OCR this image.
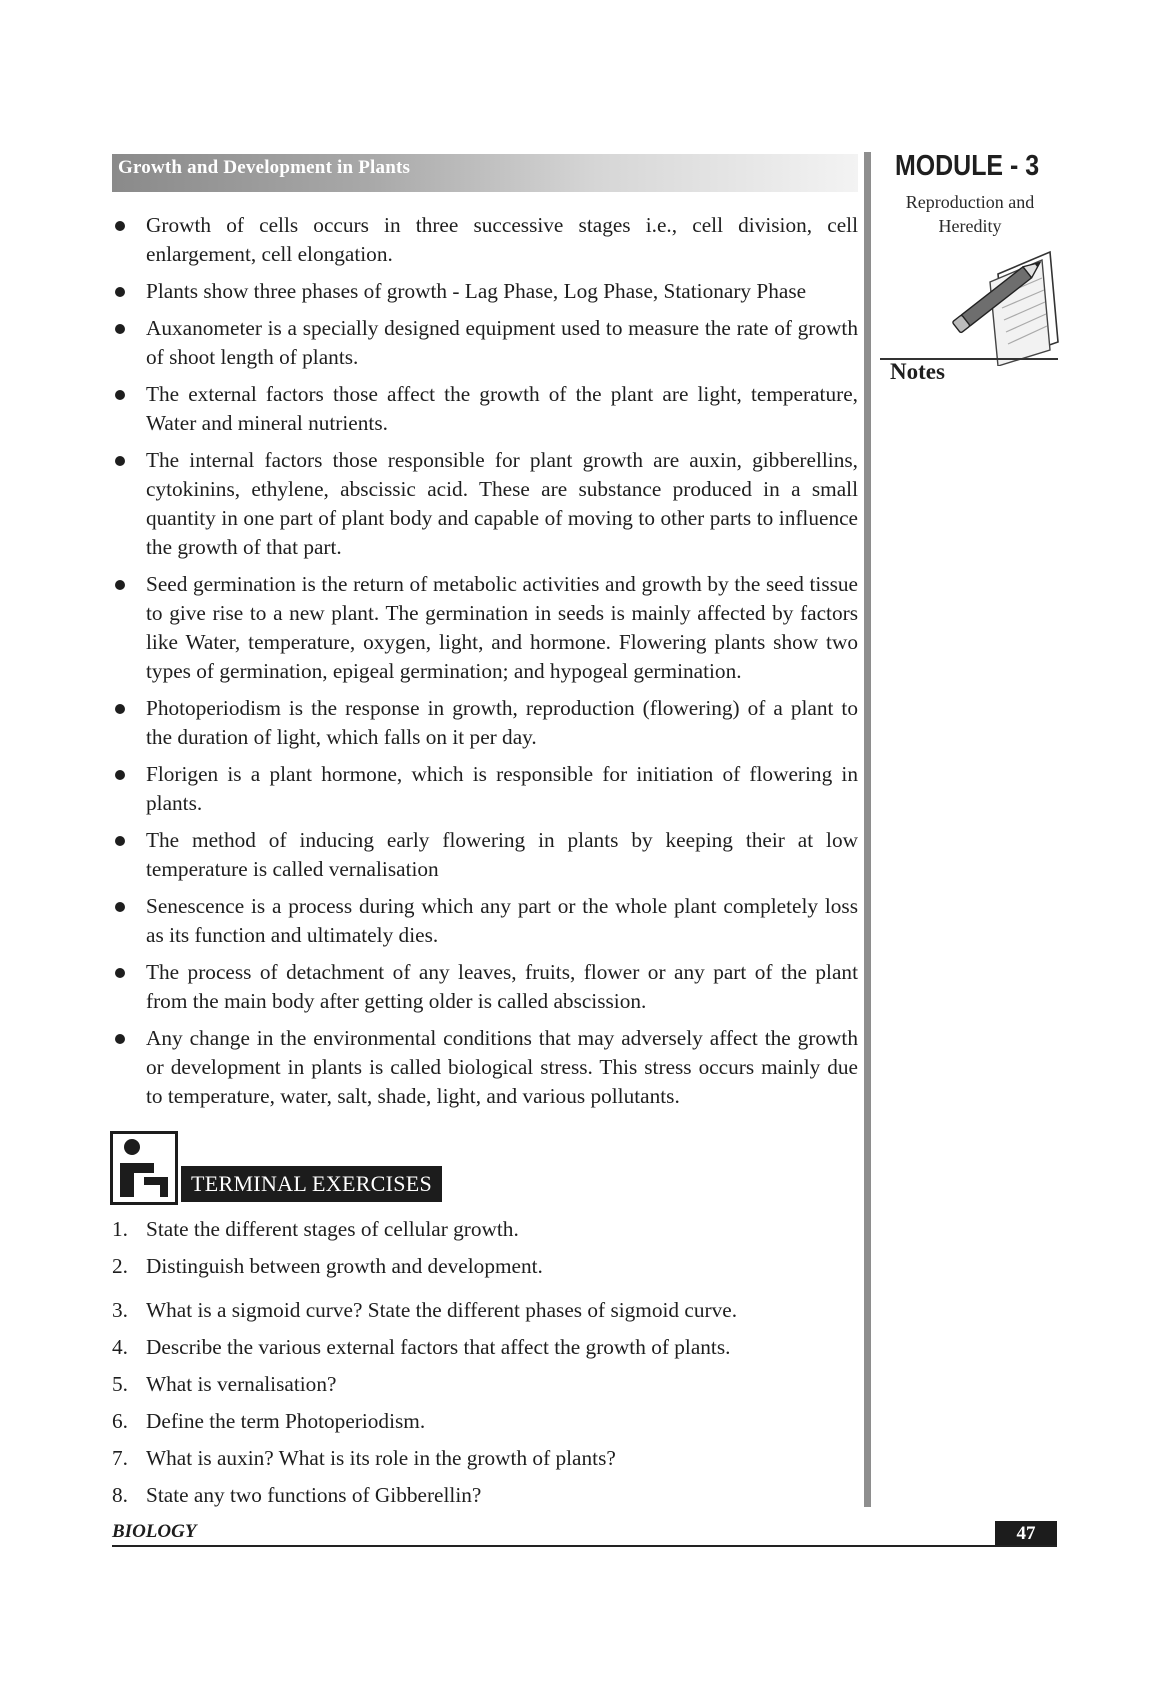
Growth and Development in Plants	MODULE - 3
Reproduction and
Heredity
Notes
Growth of cells occurs in three successive stages i.e., cell division, cell enlargement, cell elongation.
Plants show three phases of growth - Lag Phase, Log Phase, Stationary Phase
Auxanometer is a specially designed equipment used to measure the rate of growth of shoot length of plants.
The external factors those affect the growth of the plant are light, temperature, Water and mineral nutrients.
The internal factors those responsible for plant growth are auxin, gibberellins, cytokinins, ethylene, abscissic acid. These are substance produced in a small quantity in one part of plant body and capable of moving to other parts to influence the growth of that part.
Seed germination is the return of metabolic activities and growth by the seed tissue to give rise to a new plant. The germination in seeds is mainly affected by factors like Water, temperature, oxygen, light, and hormone. Flowering plants show two types of germination, epigeal germination; and hypogeal germination.
Photoperiodism is the response in growth, reproduction (flowering) of a plant to the duration of light, which falls on it per day.
Florigen is a plant hormone, which is responsible for initiation of flowering in plants.
The method of inducing early flowering in plants by keeping their at low temperature is called vernalisation
Senescence is a process during which any part or the whole plant completely loss as its function and ultimately dies.
The process of detachment of any leaves, fruits, flower or any part of the plant from the main body after getting older is called abscission.
Any change in the environmental conditions that may adversely affect the growth or development in plants is called biological stress. This stress occurs mainly due to temperature, water, salt, shade, light, and various pollutants.
TERMINAL EXERCISES
1. State the different stages of cellular growth.
2. Distinguish between growth and development.
3. What is a sigmoid curve? State the different phases of sigmoid curve.
4. Describe the various external factors that affect the growth of plants.
5. What is vernalisation?
6. Define the term Photoperiodism.
7. What is auxin? What is its role in the growth of plants?
8. State any two functions of Gibberellin?
BIOLOGY	47
